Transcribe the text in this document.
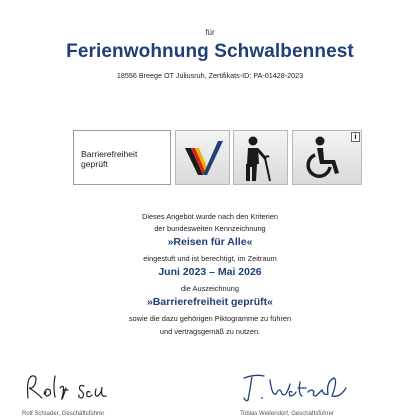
für
Ferienwohnung Schwalbennest
18556 Breege OT Juliusruh, Zertifikats-ID: PA-01428-2023
Barrierefreiheit
geprüft
i
Dieses Angebot wurde nach den Kriterien
der bundesweiten Kennzeichnung
»Reisen für Alle«
eingestuft und ist berechtigt, im Zeitraum
Juni 2023 – Mai 2026
die Auszeichnung
»Barrierefreiheit geprüft«
sowie die dazu gehörigen Piktogramme zu führen
und vertragsgemäß zu nutzen.
Rolf Schrader, Geschäftsführer	Tobias Weitendorf, Geschäftsführer
